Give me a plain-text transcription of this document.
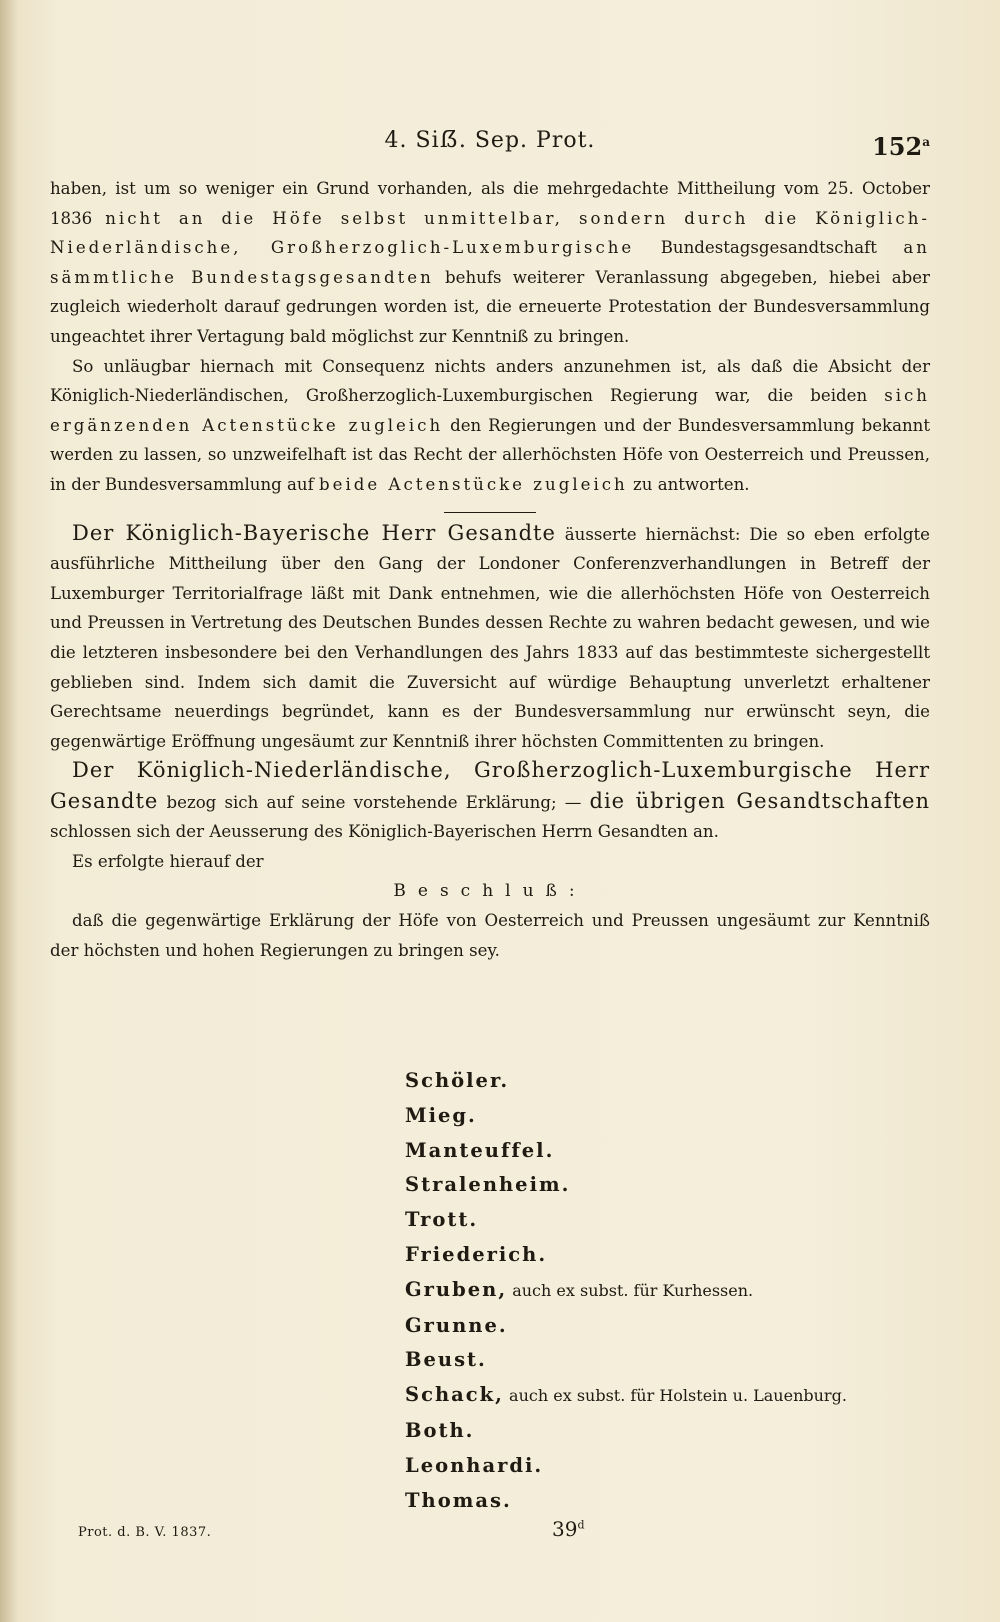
4. Siẞ. Sep. Prot.	152$^a$

haben, ist um so weniger ein Grund vorhanden, als die mehrgedachte Mittheilung vom 25. October 1836 nicht an die Höfe selbst unmittelbar, sondern durch die Königlich-Niederländische, Großherzoglich-Luxemburgische Bundestagsgesandtschaft an sämmtliche Bundestagsgesandten behufs weiterer Veranlassung abgegeben, hiebei aber zugleich wiederholt darauf gedrungen worden ist, die erneuerte Protestation der Bundesversammlung ungeachtet ihrer Vertagung bald möglichst zur Kenntniß zu bringen.

So unläugbar hiernach mit Consequenz nichts anders anzunehmen ist, als daß die Absicht der Königlich-Niederländischen, Großherzoglich-Luxemburgischen Regierung war, die beiden sich ergänzenden Actenstücke zugleich den Regierungen und der Bundesversammlung bekannt werden zu lassen, so unzweifelhaft ist das Recht der allerhöchsten Höfe von Oesterreich und Preussen, in der Bundesversammlung auf beide Actenstücke zugleich zu antworten.

Der Königlich-Bayerische Herr Gesandte äusserte hiernächst: Die so eben erfolgte ausführliche Mittheilung über den Gang der Londoner Conferenzverhandlungen in Betreff der Luxemburger Territorialfrage läßt mit Dank entnehmen, wie die allerhöchsten Höfe von Oesterreich und Preussen in Vertretung des Deutschen Bundes dessen Rechte zu wahren bedacht gewesen, und wie die letzteren insbesondere bei den Verhandlungen des Jahrs 1833 auf das bestimmteste sichergestellt geblieben sind. Indem sich damit die Zuversicht auf würdige Behauptung unverletzt erhaltener Gerechtsame neuerdings begründet, kann es der Bundesversammlung nur erwünscht seyn, die gegenwärtige Eröffnung ungesäumt zur Kenntniß ihrer höchsten Committenten zu bringen.

Der Königlich-Niederländische, Großherzoglich-Luxemburgische Herr Gesandte bezog sich auf seine vorstehende Erklärung; — die übrigen Gesandtschaften schlossen sich der Aeusserung des Königlich-Bayerischen Herrn Gesandten an.

Es erfolgte hierauf der

Beschluß:

daß die gegenwärtige Erklärung der Höfe von Oesterreich und Preussen ungesäumt zur Kenntniß der höchsten und hohen Regierungen zu bringen sey.

Schöler.
Mieg.
Manteuffel.
Stralenheim.
Trott.
Friederich.
Gruben, auch ex subst. für Kurhessen.
Grunne.
Beust.
Schack, auch ex subst. für Holstein u. Lauenburg.
Both.
Leonhardi.
Thomas.
Prot. d. B. V. 1837.	39$^d$
